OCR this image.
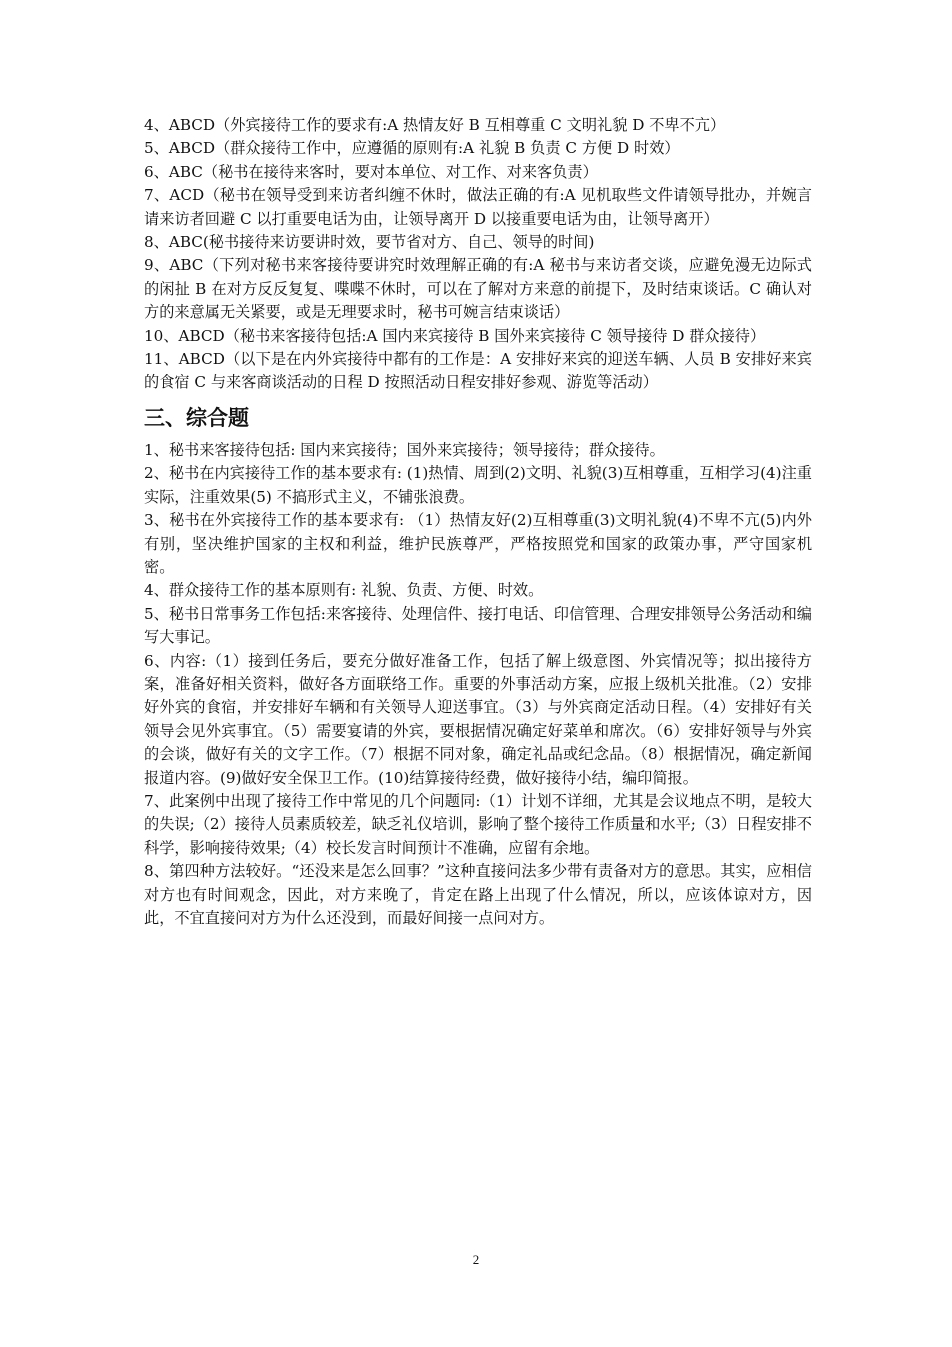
4、ABCD（外宾接待工作的要求有:A 热情友好 B 互相尊重 C 文明礼貌 D 不卑不亢）

5、ABCD（群众接待工作中，应遵循的原则有:A 礼貌 B 负责 C 方便 D 时效）

6、ABC（秘书在接待来客时，要对本单位、对工作、对来客负责）

7、ACD（秘书在领导受到来访者纠缠不休时，做法正确的有:A 见机取些文件请领导批办，并婉言请来访者回避 C 以打重要电话为由，让领导离开 D 以接重要电话为由，让领导离开）

8、ABC(秘书接待来访要讲时效，要节省对方、自己、领导的时间)

9、ABC（下列对秘书来客接待要讲究时效理解正确的有:A 秘书与来访者交谈，应避免漫无边际式的闲扯 B 在对方反反复复、喋喋不休时，可以在了解对方来意的前提下，及时结束谈话。C 确认对方的来意属无关紧要，或是无理要求时，秘书可婉言结束谈话）

10、ABCD（秘书来客接待包括:A 国内来宾接待 B 国外来宾接待 C 领导接待 D 群众接待）

11、ABCD（以下是在内外宾接待中都有的工作是：A 安排好来宾的迎送车辆、人员 B 安排好来宾的食宿 C 与来客商谈活动的日程 D 按照活动日程安排好参观、游览等活动）

三、综合题

1、秘书来客接待包括: 国内来宾接待；国外来宾接待；领导接待；群众接待。

2、秘书在内宾接待工作的基本要求有: (1)热情、周到(2)文明、礼貌(3)互相尊重，互相学习(4)注重实际，注重效果(5) 不搞形式主义，不铺张浪费。

3、秘书在外宾接待工作的基本要求有: （1）热情友好(2)互相尊重(3)文明礼貌(4)不卑不亢(5)内外有别，坚决维护国家的主权和利益，维护民族尊严，严格按照党和国家的政策办事，严守国家机密。

4、群众接待工作的基本原则有: 礼貌、负责、方便、时效。

5、秘书日常事务工作包括:来客接待、处理信件、接打电话、印信管理、合理安排领导公务活动和编写大事记。

6、内容:（1）接到任务后，要充分做好准备工作，包括了解上级意图、外宾情况等；拟出接待方案，准备好相关资料，做好各方面联络工作。重要的外事活动方案，应报上级机关批准。（2）安排好外宾的食宿，并安排好车辆和有关领导人迎送事宜。（3）与外宾商定活动日程。（4）安排好有关领导会见外宾事宜。（5）需要宴请的外宾，要根据情况确定好菜单和席次。（6）安排好领导与外宾的会谈，做好有关的文字工作。（7）根据不同对象，确定礼品或纪念品。（8）根据情况，确定新闻报道内容。(9)做好安全保卫工作。(10)结算接待经费，做好接待小结，编印简报。

7、此案例中出现了接待工作中常见的几个问题同:（1）计划不详细，尤其是会议地点不明，是较大的失误;（2）接待人员素质较差，缺乏礼仪培训，影响了整个接待工作质量和水平;（3）日程安排不科学，影响接待效果;（4）校长发言时间预计不准确，应留有余地。

8、第四种方法较好。“还没来是怎么回事？”这种直接问法多少带有责备对方的意思。其实，应相信对方也有时间观念，因此，对方来晚了，肯定在路上出现了什么情况，所以，应该体谅对方，因此，不宜直接问对方为什么还没到，而最好间接一点问对方。

2
